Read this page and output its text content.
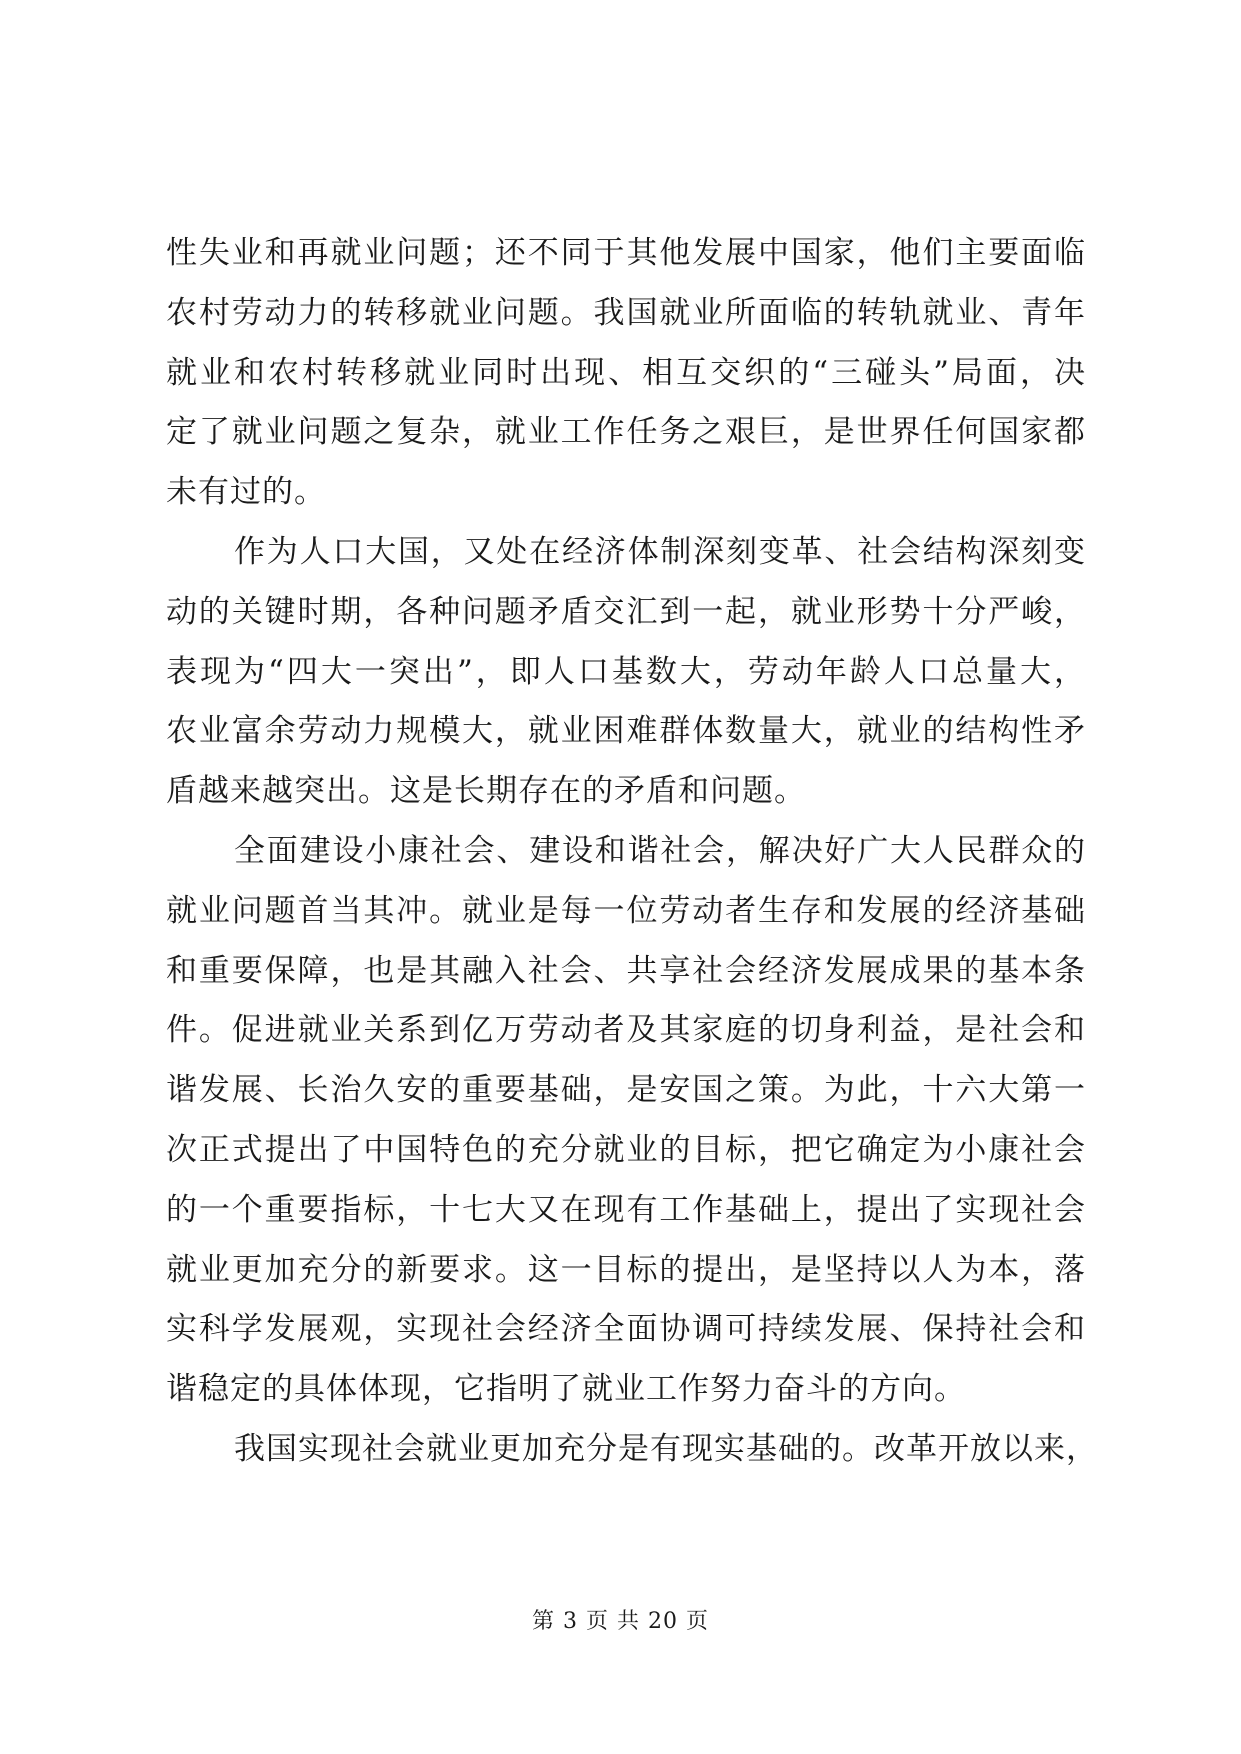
性失业和再就业问题；还不同于其他发展中国家，他们主要面临
农村劳动力的转移就业问题。我国就业所面临的转轨就业、青年
就业和农村转移就业同时出现、相互交织的“三碰头”局面，决
定了就业问题之复杂，就业工作任务之艰巨，是世界任何国家都
未有过的。
作为人口大国，又处在经济体制深刻变革、社会结构深刻变
动的关键时期，各种问题矛盾交汇到一起，就业形势十分严峻，
表现为“四大一突出”，即人口基数大，劳动年龄人口总量大，
农业富余劳动力规模大，就业困难群体数量大，就业的结构性矛
盾越来越突出。这是长期存在的矛盾和问题。
全面建设小康社会、建设和谐社会，解决好广大人民群众的
就业问题首当其冲。就业是每一位劳动者生存和发展的经济基础
和重要保障，也是其融入社会、共享社会经济发展成果的基本条
件。促进就业关系到亿万劳动者及其家庭的切身利益，是社会和
谐发展、长治久安的重要基础，是安国之策。为此，十六大第一
次正式提出了中国特色的充分就业的目标，把它确定为小康社会
的一个重要指标，十七大又在现有工作基础上，提出了实现社会
就业更加充分的新要求。这一目标的提出，是坚持以人为本，落
实科学发展观，实现社会经济全面协调可持续发展、保持社会和
谐稳定的具体体现，它指明了就业工作努力奋斗的方向。
我国实现社会就业更加充分是有现实基础的。改革开放以来，
第 3 页 共 20 页
